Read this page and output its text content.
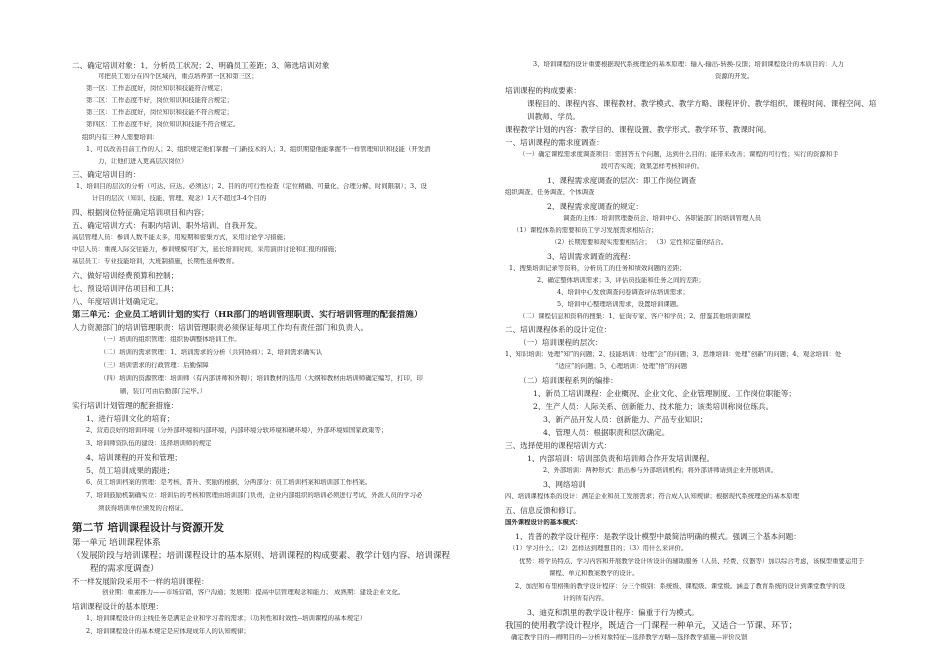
二、确定培训对象：1、分析员工状况；2、明确员工差距；3、筛选培训对象
可把员工划分在四个区域内，重点培养第一区和第三区；
第一区：工作态度好，岗位知识和技能符合规定；
第二区：工作态度不好，岗位知识和技能符合规定；
第三区：工作态度好，岗位知识和技能不符合规定；
第四区：工作态度不好，岗位知识和技能不符合规定。
组织内有三种人需要培训：
1、可以改善目前工作的人；2、组织规定他们掌握一门新技术的人；3、组织期望他能掌握不一样管理知识和技能（开发潜
力，让他们进入更高层次岗位）
三、确定培训目的：
1、培训目的层次的分析（可达、应达、必须达）；2、目的的可行性检查（定位精确、可量化、合理分解、时间限制）；3、设
计目的层次（知识、技能、管理、观念）1天不超过3-4个目的
四、根据岗位特征确定培训项目和内容；
五、确定培训方式：有职内培训、职外培训、自我开发。
高层管理人员：参训人数不能太多，用短期和密集方式，采用讨论学习措施；
中层人员：重视人际交往能力，参训规模可扩大，延长培训时间，采用演讲讨论和汇报的措施；
基层员工：专业技能培训，大班制措施，长期性延伸教育。
六、做好培训经费预算和控制；
七、预设培训评估项目和工具；
八、年度培训计划确定定。
第三单元：企业员工培训计划的实行（HR部门的培训管理职责、实行培训管理的配套措施）
人力资源部门的培训管理职责：培训管理职责必须保证每项工作均有责任部门和负责人。
（一）培训的组织管理：组织协调整体培训工作。
（二）培训的需求管理：1、培训需求的分析（共同协商）；2、培训需求确实认
（三）培训需求的行政管理：后勤保障
（四）培训的资源管理：培训师（有内部讲师和外聘）；培训教材的选用（大纲和教材由培训师确定编写，打印，印
刷，装订可由后勤部门完毕。）
实行培训计划管理的配套措施：
1、进行培训文化的培育；
2、营造良好的培训环境（分外部环境和内部环境，内部环境分软环境和硬环境），外部环境如国家政策等；
3、培训师资队伍的建设：选择培训师的规定
4、培训课程的开发和管理；
5、员工培训成果的跟进；
6、员工培训档案的管理：是考核、晋升、奖励的根据，分两部分：员工培训档案和培训部工作档案。
7、培训鼓励机制确实立：培训后的考核和管理由培训部门负责，企业内部组织的培训必须进行考试，外派人员的学习必
须获得培训单位颁发的合格证。
第二节 培训课程设计与资源开发
第一单元 培训课程体系
（发展阶段与培训课程；培训课程设计的基本原则、培训课程的构成要素、教学计划内容、培训课程
程的需求度调查）
不一样发展阶段采用不一样的培训课程：
创业期：重素推力——市场营销，客户沟通；发展期：提高中层管理观念和能力； 成熟期：建设企业文化。
培训课程设计的基本原理：
1、培训课程设计的主线任务是满足企业和学习者的需求；（功利性和时效性--培训课程的基本规定）
2、培训课程设计的基本规定是应体现成年人的认知规律；
3、培训课程的设计重要根据现代系统理论的基本原理：输入-输出-转换-反馈；培训课程设计的本质目的：人力
资源的开发。
培训课程的构成要素：
课程目的、课程内容、课程教材、教学模式、教学方略、课程评价、教学组织、课程时间、课程空间、培
训教师、学员。
课程教学计划的内容：教学目的、课程设置、教学形式、教学环节、教课时间。
一、培训课程的需求度调查：
（一）确定课程需求度调查项目：需回答五个问题，达到什么目的；能带来改善；课程的可行性；实行的资源和手
段可否实现；效果怎样考核和评价。
1、课程需求度调查的层次：即工作岗位调查
组织调查、任务调查、个体调查
2、课程需求度调查的规定：
调查的主体：培训管理委员会、培训中心、各职能部门的培训管理人员
（1）课程体系的需要和员工学习发展需求相结合；
（2）长期需要和现实需要相结合； （3）定性和定量的结合。
3、培训需求调查的流程：
1、搜集培训记录等资料，分析员工的任务和绩效问题的差距；
2、确定整体培训需求；3、评估员技能和任务之间的差距；
4、培训中心发放调查问卷调查评估培训需求；
5、培训中心整理培训需求，设置培训课题。
（二）课程信息和资料的搜集：1、征询专家、客户和学员；2、借鉴其他培训课程
二、培训课程体系的设计定位：
（一）培训课程的层次：
1、知识培训：处理“知”的问题；2、技能培训：处理“会”的问题；3、思维培训：处理“创新”的问题；4、观念培训：处
“适应”的问题；5、心理培训：处理“悟”的问题
（二）培训课程系列的编排：
1、新员工培训课程：企业概况、企业文化、企业管理制度、工作岗位职能等；
2、生产人员：人际关系、创新能力、技术能力；该类培训称岗位练兵。
3、新产品开发人员：创新能力、产品专业知识；
4、管理人员：根据职责和层次确定。
三、选择使用的课程培训方式：
1、内部培训：培训部负责和培训师合作开发培训课程。
2、外部培训：两种形式：派出参与外部培训机构；将外部讲师请到企业开展培训。
3、网络培训
四、培训课程体系的设计：满足企业和员工发展需求；符合成人认知规律；根据现代系统理论的基本原理
五、信息反馈和修订。
国外课程设计的基本模式：
1、肯普的教学设计程序：是教学设计模型中最简洁明确的模式。强调三个基本问题：
（1）学习什么；（2）怎样达到理想目的；（3）用什么来评价。
优势：将学员特点、学习内容和开展教学设计所设计的辅助服务（人员、经费、仪器等）加以综合考虑，该模型重要运用于
课程、单元和教案教学的设计。
2、加涅和布里格斯的教学设计程序：分三个级别：系统级、课程级、课堂级。涵盖了教育系统的设计到课堂教学的设
计的所有内容。
3、迪克和凯里的教学设计程序：偏重于行为模式。
我国的使用教学设计程序，既适合一门课程一种单元，又适合一节课、环节；
确定教学目的—阐明目的—分析对象特征—选择教学方略—选择教学措施—评价反馈
